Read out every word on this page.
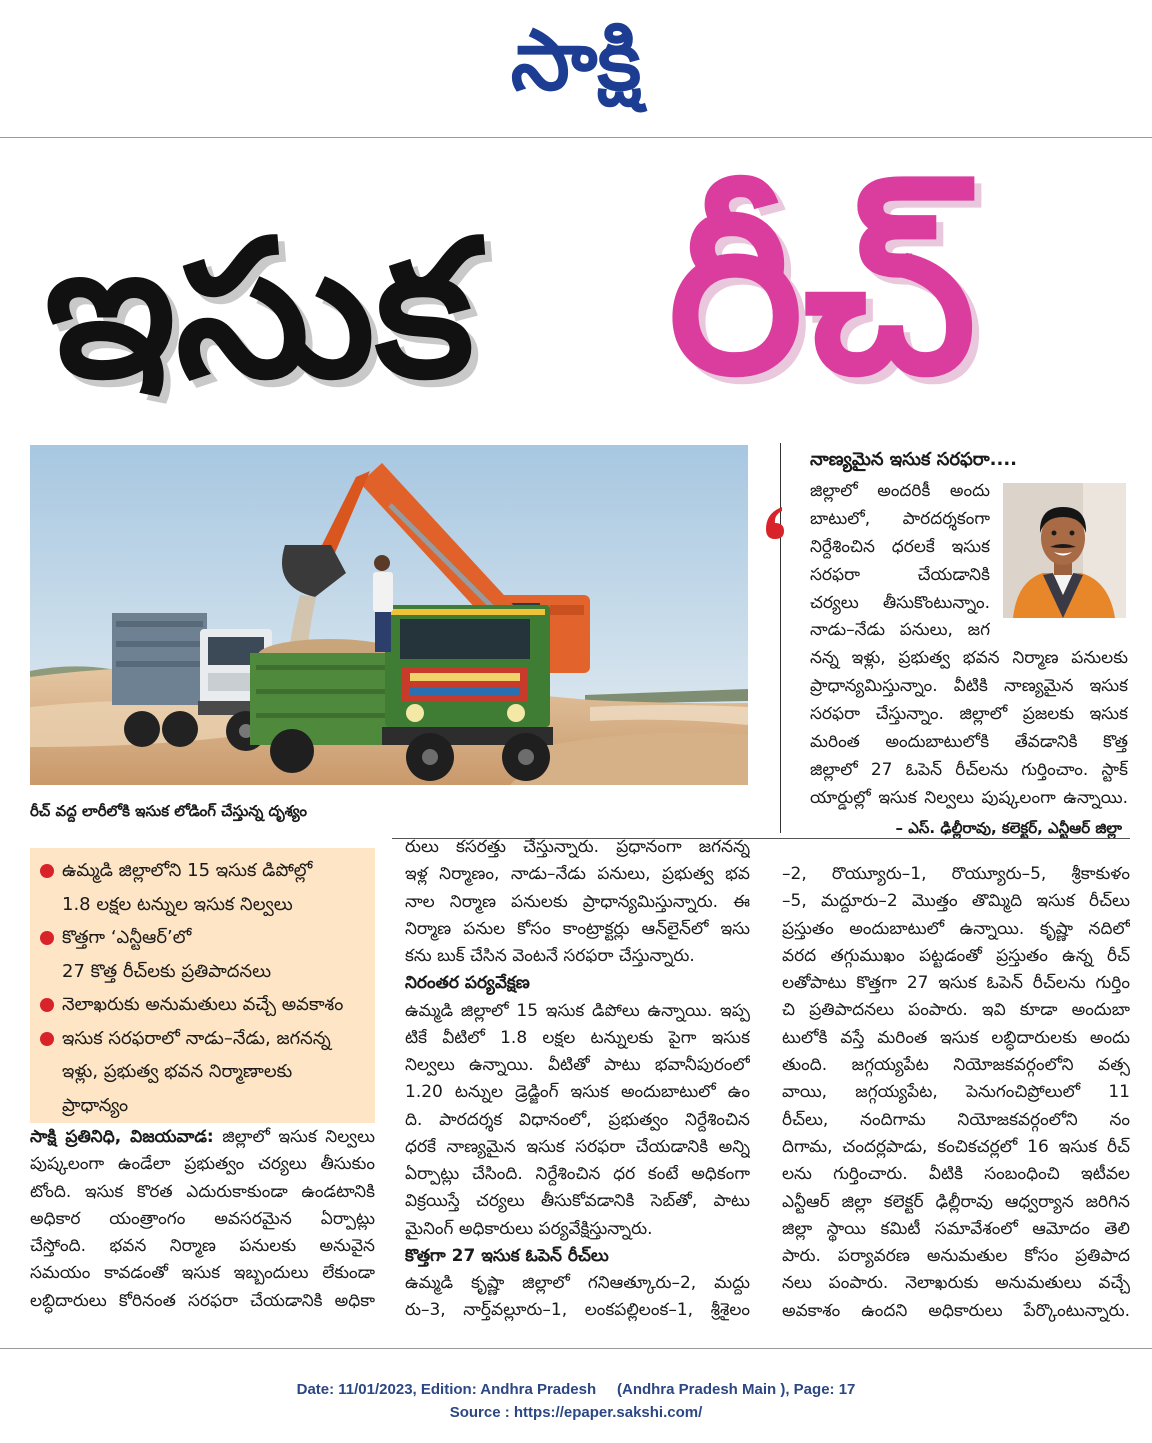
సాక్షి
ఇసుక రీచ్
రీచ్ వద్ద లారీలోకి ఇసుక లోడింగ్ చేస్తున్న దృశ్యం
నాణ్యమైన ఇసుక సరఫరా....
జిల్లాలో అందరికీ అందు
బాటులో, పారదర్శకంగా
నిర్దేశించిన ధరలకే ఇసుక
సరఫరా చేయడానికి
చర్యలు తీసుకొంటున్నాం.
నాడు–నేడు పనులు, జగ
నన్న ఇళ్లు, ప్రభుత్వ భవన నిర్మాణ పనులకు
ప్రాధాన్యమిస్తున్నాం. వీటికి నాణ్యమైన ఇసుక
సరఫరా చేస్తున్నాం. జిల్లాలో ప్రజలకు ఇసుక
మరింత అందుబాటులోకి తేవడానికి కొత్త
జిల్లాలో 27 ఓపెన్ రీచ్‌లను గుర్తించాం. స్టాక్
యార్డుల్లో ఇసుక నిల్వలు పుష్కలంగా ఉన్నాయి.
– ఎస్. ఢిల్లీరావు, కలెక్టర్, ఎన్టీఆర్ జిల్లా
ఉమ్మడి జిల్లాలోని 15 ఇసుక డిపోల్లో
1.8 లక్షల టన్నుల ఇసుక నిల్వలు
కొత్తగా ‘ఎన్టీఆర్’లో
27 కొత్త రీచ్‌లకు ప్రతిపాదనలు
నెలాఖరుకు అనుమతులు వచ్చే అవకాశం
ఇసుక సరఫరాలో నాడు–నేడు, జగనన్న
ఇళ్లు, ప్రభుత్వ భవన నిర్మాణాలకు
ప్రాధాన్యం
సాక్షి ప్రతినిధి, విజయవాడ: జిల్లాలో ఇసుక నిల్వలు
పుష్కలంగా ఉండేలా ప్రభుత్వం చర్యలు తీసుకుం
టోంది. ఇసుక కొరత ఎదురుకాకుండా ఉండటానికి
అధికార యంత్రాంగం అవసరమైన ఏర్పాట్లు
చేస్తోంది. భవన నిర్మాణ పనులకు అనువైన
సమయం కావడంతో ఇసుక ఇబ్బందులు లేకుండా
లబ్ధిదారులు కోరినంత సరఫరా చేయడానికి అధికా
రులు కసరత్తు చేస్తున్నారు. ప్రధానంగా జగనన్న
ఇళ్ల నిర్మాణం, నాడు–నేడు పనులు, ప్రభుత్వ భవ
నాల నిర్మాణ పనులకు ప్రాధాన్యమిస్తున్నారు. ఈ
నిర్మాణ పనుల కోసం కాంట్రాక్టర్లు ఆన్‌లైన్‌లో ఇసు
కను బుక్ చేసిన వెంటనే సరఫరా చేస్తున్నారు.
నిరంతర పర్యవేక్షణ
ఉమ్మడి జిల్లాలో 15 ఇసుక డిపోలు ఉన్నాయి. ఇప్ప
టికే వీటిలో 1.8 లక్షల టన్నులకు పైగా ఇసుక
నిల్వలు ఉన్నాయి. వీటితో పాటు భవానీపురంలో
1.20 టన్నుల డ్రెడ్జింగ్ ఇసుక అందుబాటులో ఉం
ది. పారదర్శక విధానంలో, ప్రభుత్వం నిర్దేశించిన
ధరకే నాణ్యమైన ఇసుక సరఫరా చేయడానికి అన్ని
ఏర్పాట్లు చేసింది. నిర్దేశించిన ధర కంటే అధికంగా
విక్రయిస్తే చర్యలు తీసుకోవడానికి సెబ్‌తో, పాటు
మైనింగ్ అధికారులు పర్యవేక్షిస్తున్నారు.
కొత్తగా 27 ఇసుక ఓపెన్ రీచ్‌లు
ఉమ్మడి కృష్ణా జిల్లాలో గనిఆత్కూరు–2, మద్దు
రు–3, నార్త్‌వల్లూరు–1, లంకపల్లిలంక–1, శ్రీశైలం
–2, రొయ్యూరు–1, రొయ్యూరు–5, శ్రీకాకుళం
–5, మద్దూరు–2 మొత్తం తొమ్మిది ఇసుక రీచ్‌లు
ప్రస్తుతం అందుబాటులో ఉన్నాయి. కృష్ణా నదిలో
వరద తగ్గుముఖం పట్టడంతో ప్రస్తుతం ఉన్న రీచ్
లతోపాటు కొత్తగా 27 ఇసుక ఓపెన్ రీచ్‌లను గుర్తిం
చి ప్రతిపాదనలు పంపారు. ఇవి కూడా అందుబా
టులోకి వస్తే మరింత ఇసుక లబ్ధిదారులకు అందు
తుంది. జగ్గయ్యపేట నియోజకవర్గంలోని వత్స
వాయి, జగ్గయ్యపేట, పెనుగంచిప్రోలులో 11
రీచ్‌లు, నందిగామ నియోజకవర్గంలోని నం
దిగామ, చందర్లపాడు, కంచికచర్లలో 16 ఇసుక రీచ్
లను గుర్తించారు. వీటికి సంబంధించి ఇటీవల
ఎన్టీఆర్ జిల్లా కలెక్టర్ ఢిల్లీరావు ఆధ్వర్యాన జరిగిన
జిల్లా స్థాయి కమిటీ సమావేశంలో ఆమోదం తెలి
పారు. పర్యావరణ అనుమతుల కోసం ప్రతిపాద
నలు పంపారు. నెలాఖరుకు అనుమతులు వచ్చే
అవకాశం ఉందని అధికారులు పేర్కొంటున్నారు.
Date: 11/01/2023, Edition: Andhra Pradesh     (Andhra Pradesh Main ), Page: 17
Source : https://epaper.sakshi.com/
